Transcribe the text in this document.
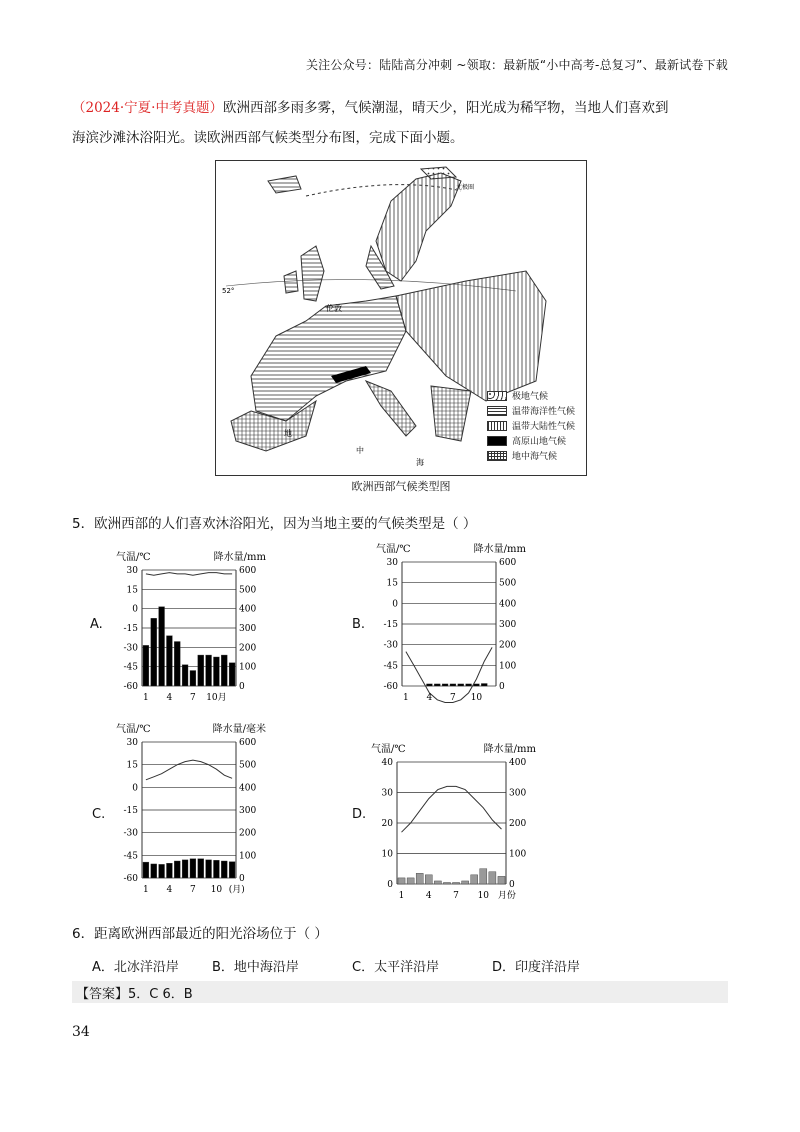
关注公众号：陆陆高分冲刺 ~领取：最新版“小中高考-总复习”、最新试卷下载
（2024·宁夏·中考真题）欧洲西部多雨多雾，气候潮湿，晴天少，阳光成为稀罕物，当地人们喜欢到
海滨沙滩沐浴阳光。读欧洲西部气候类型分布图，完成下面小题。
伦敦
52°
地
中
海
北极圈
极地气候
温带海洋性气候
温带大陆性气候
高原山地气候
地中海气候
欧洲西部气候类型图
5．欧洲西部的人们喜欢沐浴阳光，因为当地主要的气候类型是（ ）
A.	B.
C.	D.
气温/℃	降水量/mm
30	600
15	500
0	400
-15	300
-30	200
-45	100
-60	0
1 4 7 10月
气温/℃	降水量/mm
30	600
15	500
0	400
-15	300
-30	200
-45	100
-60	0
1 4 7 10
气温/℃	降水量/毫米
30	600
15	500
0	400
-15	300
-30	200
-45	100
-60	0
1 4 7 10 (月)
气温/℃	降水量/mm
40	400
30	300
20	200
10	100
0	0
1 4 7 10 月份
6．距离欧洲西部最近的阳光浴场位于（ ）
A．北冰洋沿岸	B．地中海沿岸	C．太平洋沿岸	D．印度洋沿岸
【答案】5．C 6．B
34
